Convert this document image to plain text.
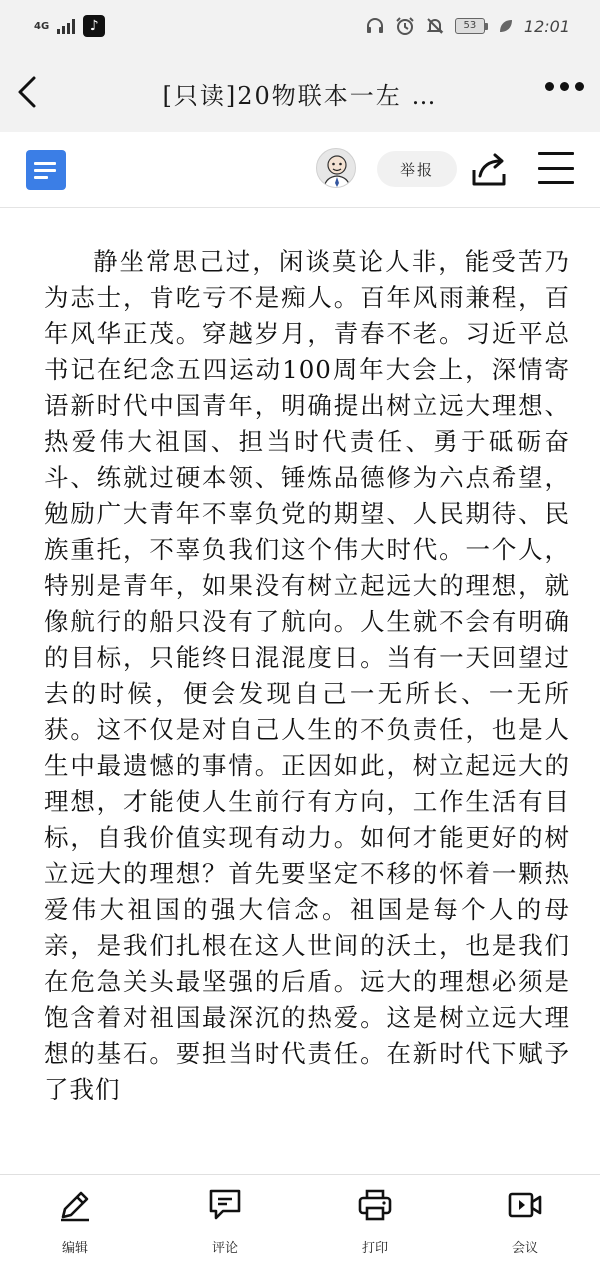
4G	♪	53	12:01
[只读]20物联本一左 …
举报

静坐常思己过，闲谈莫论人非，能受苦乃为志士，肯吃亏不是痴人。百年风雨兼程，百年风华正茂。穿越岁月，青春不老。习近平总书记在纪念五四运动100周年大会上，深情寄语新时代中国青年，明确提出树立远大理想、热爱伟大祖国、担当时代责任、勇于砥砺奋斗、练就过硬本领、锤炼品德修为六点希望，勉励广大青年不辜负党的期望、人民期待、民族重托，不辜负我们这个伟大时代。一个人，特别是青年，如果没有树立起远大的理想，就像航行的船只没有了航向。人生就不会有明确的目标，只能终日混混度日。当有一天回望过去的时候，便会发现自己一无所长、一无所获。这不仅是对自己人生的不负责任，也是人生中最遗憾的事情。正因如此，树立起远大的理想，才能使人生前行有方向，工作生活有目标，自我价值实现有动力。如何才能更好的树立远大的理想？首先要坚定不移的怀着一颗热爱伟大祖国的强大信念。祖国是每个人的母亲，是我们扎根在这人世间的沃土，也是我们在危急关头最坚强的后盾。远大的理想必须是饱含着对祖国最深沉的热爱。这是树立远大理想的基石。要担当时代责任。在新时代下赋予了我们

编辑	评论	打印	会议
